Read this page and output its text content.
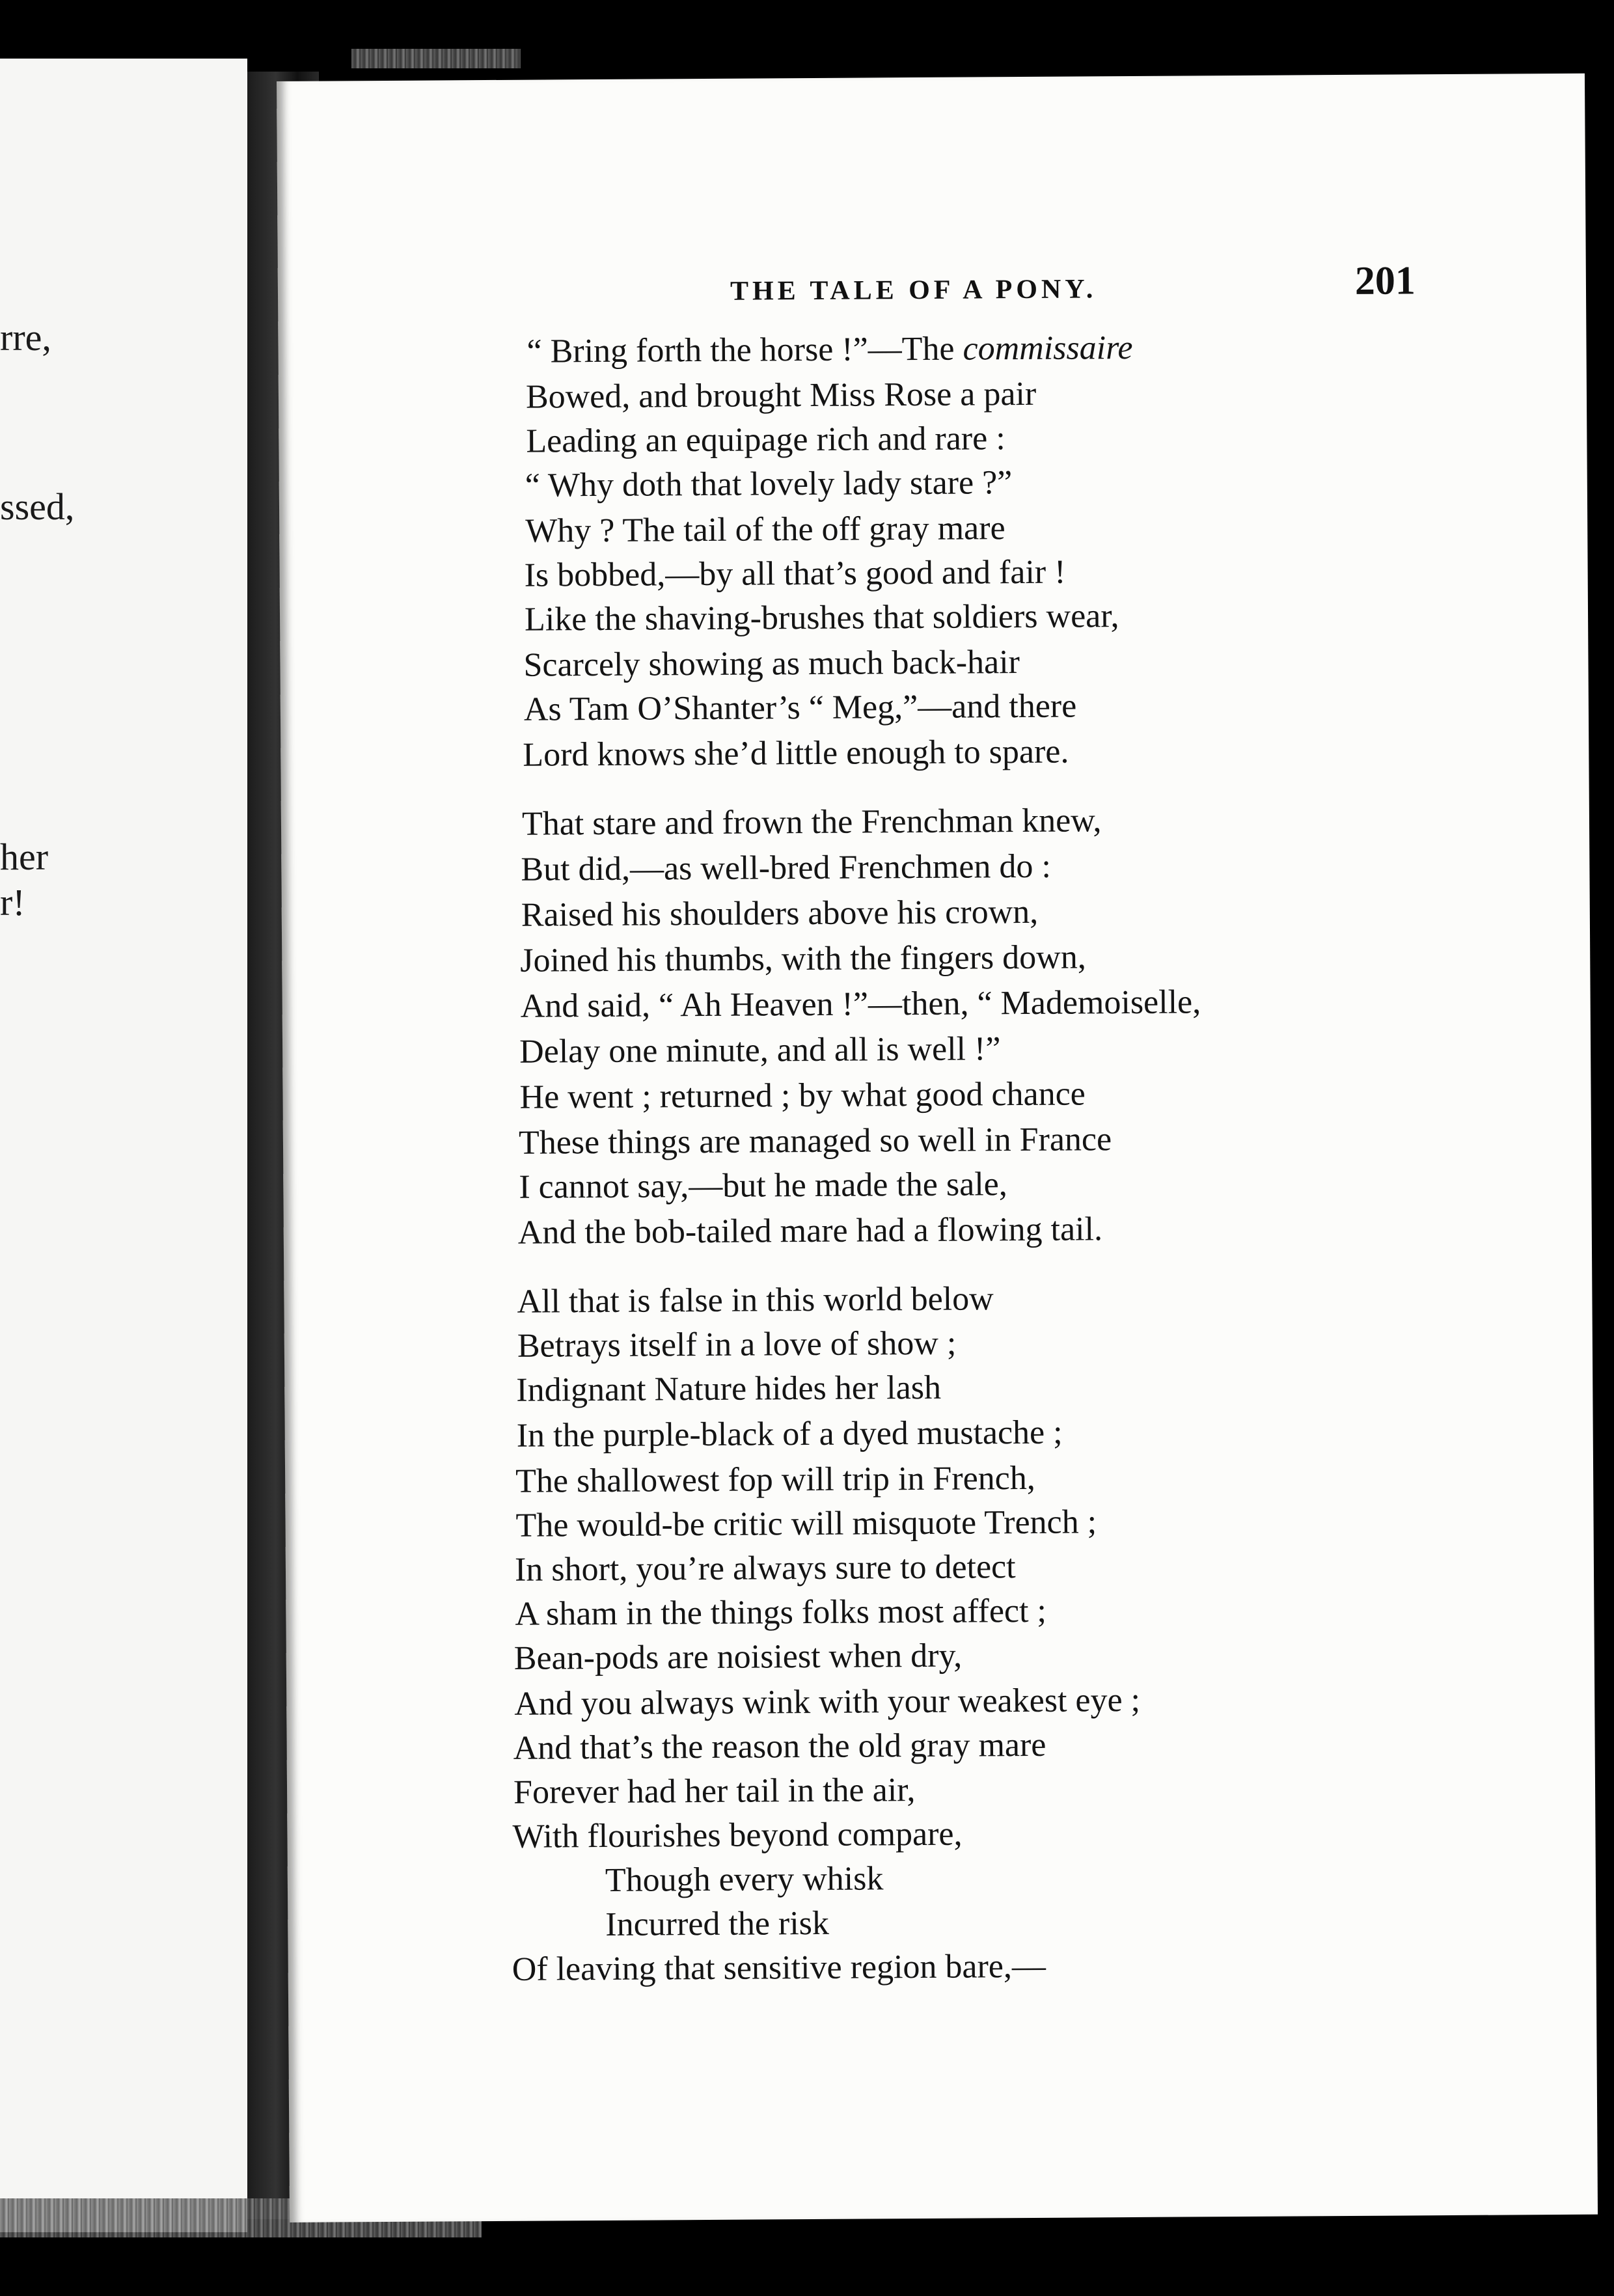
rre,
ssed,
her
r!
THE TALE OF A PONY.	201
“ Bring forth the horse !”—The commissaire
Bowed, and brought Miss Rose a pair
Leading an equipage rich and rare :
“ Why doth that lovely lady stare ?”
Why ? The tail of the off gray mare
Is bobbed,—by all that’s good and fair !
Like the shaving-brushes that soldiers wear,
Scarcely showing as much back-hair
As Tam O’Shanter’s “ Meg,”—and there
Lord knows she’d little enough to spare.
That stare and frown the Frenchman knew,
But did,—as well-bred Frenchmen do :
Raised his shoulders above his crown,
Joined his thumbs, with the fingers down,
And said, “ Ah Heaven !”—then, “ Mademoiselle,
Delay one minute, and all is well !”
He went ; returned ; by what good chance
These things are managed so well in France
I cannot say,—but he made the sale,
And the bob-tailed mare had a flowing tail.
All that is false in this world below
Betrays itself in a love of show ;
Indignant Nature hides her lash
In the purple-black of a dyed mustache ;
The shallowest fop will trip in French,
The would-be critic will misquote Trench ;
In short, you’re always sure to detect
A sham in the things folks most affect ;
Bean-pods are noisiest when dry,
And you always wink with your weakest eye ;
And that’s the reason the old gray mare
Forever had her tail in the air,
With flourishes beyond compare,
Though every whisk
Incurred the risk
Of leaving that sensitive region bare,—
